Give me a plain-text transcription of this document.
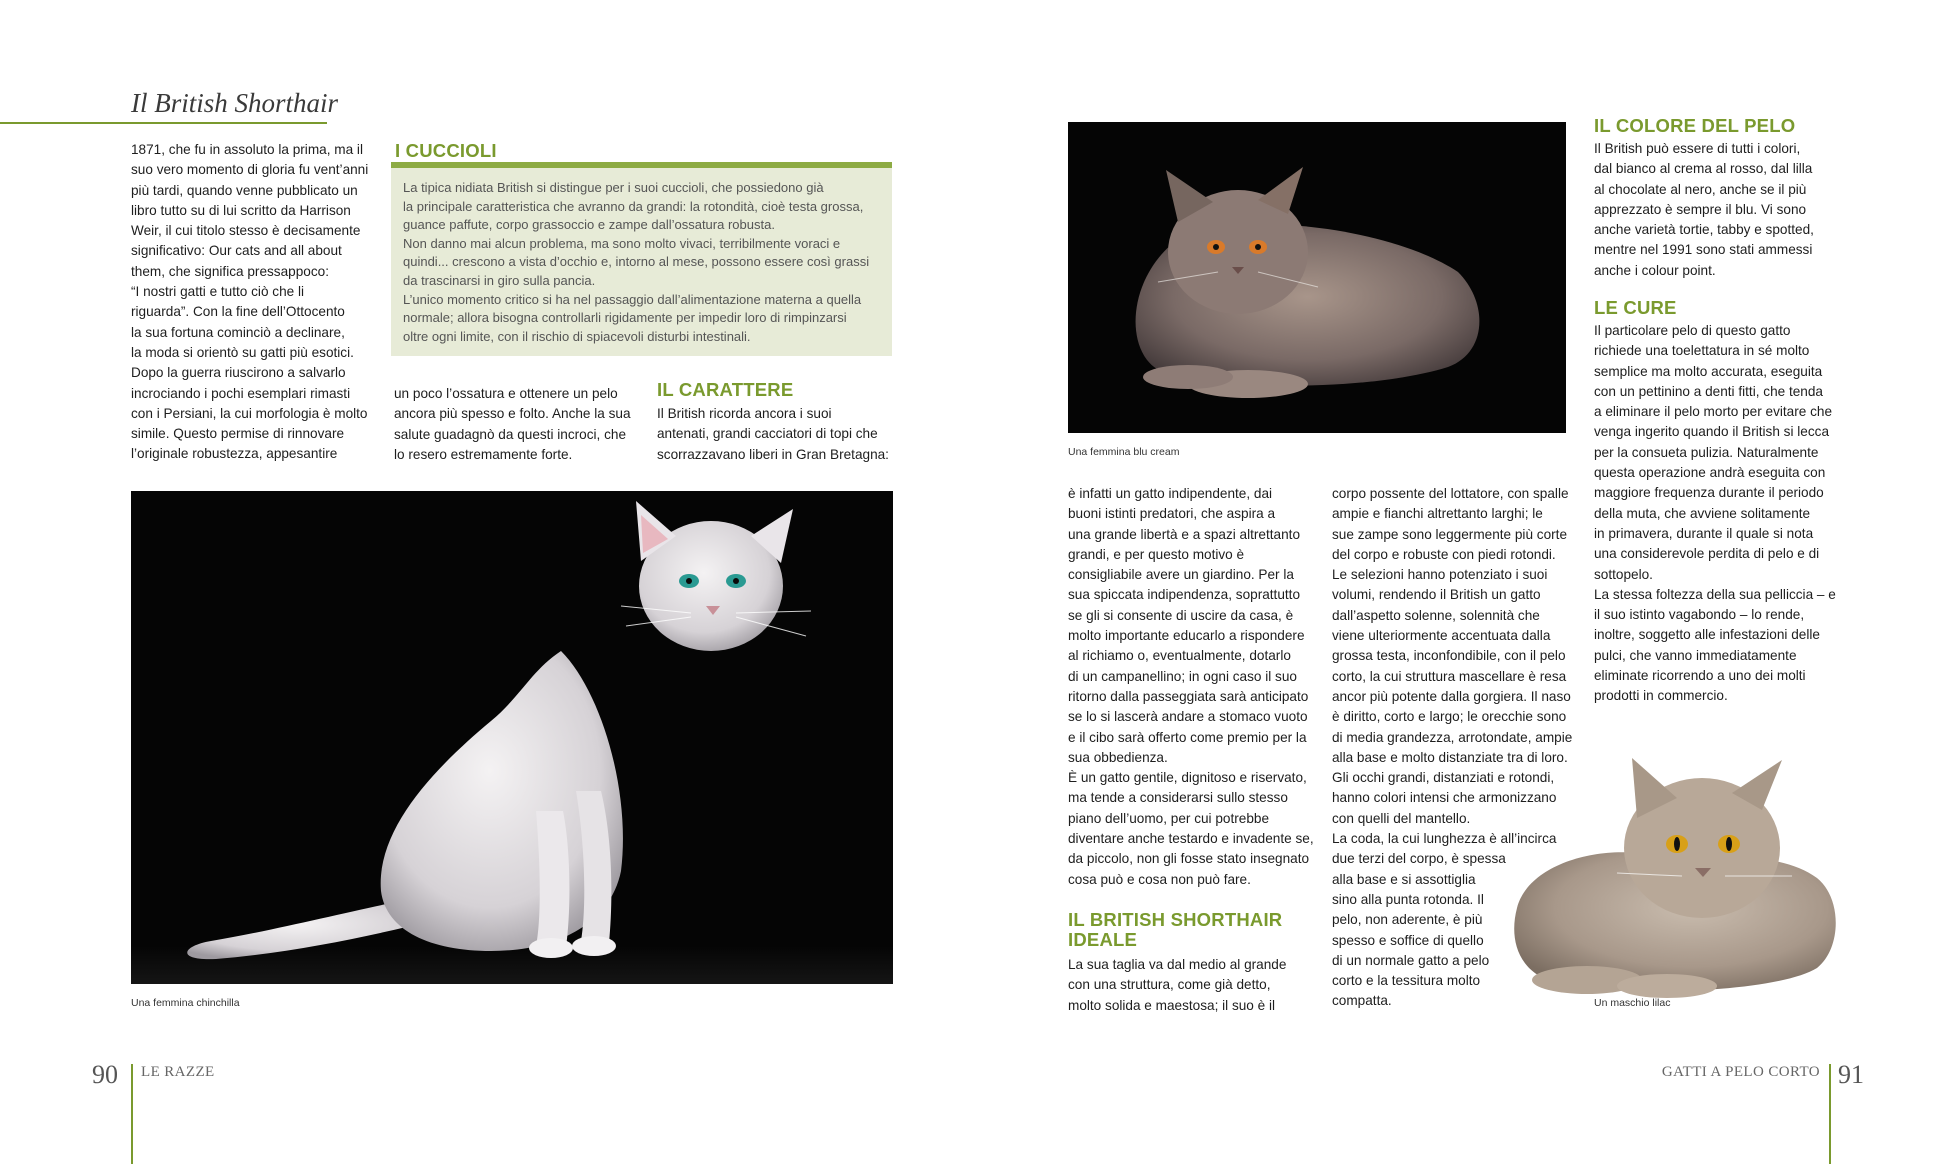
Il British Shorthair

1871, che fu in assoluto la prima, ma il

suo vero momento di gloria fu vent’anni

più tardi, quando venne pubblicato un

libro tutto su di lui scritto da Harrison

Weir, il cui titolo stesso è decisamente

significativo: Our cats and all about

them, che significa pressappoco:

“I nostri gatti e tutto ciò che li

riguarda”. Con la fine dell’Ottocento

la sua fortuna cominciò a declinare,

la moda si orientò su gatti più esotici.

Dopo la guerra riuscirono a salvarlo

incrociando i pochi esemplari rimasti

con i Persiani, la cui morfologia è molto

simile. Questo permise di rinnovare

l’originale robustezza, appesantire

I CUCCIOLI

La tipica nidiata British si distingue per i suoi cuccioli, che possiedono già

la principale caratteristica che avranno da grandi: la rotondità, cioè testa grossa,

guance paffute, corpo grassoccio e zampe dall’ossatura robusta.

Non danno mai alcun problema, ma sono molto vivaci, terribilmente voraci e

quindi... crescono a vista d’occhio e, intorno al mese, possono essere così grassi

da trascinarsi in giro sulla pancia.

L’unico momento critico si ha nel passaggio dall’alimentazione materna a quella

normale; allora bisogna controllarli rigidamente per impedir loro di rimpinzarsi

oltre ogni limite, con il rischio di spiacevoli disturbi intestinali.

un poco l’ossatura e ottenere un pelo

ancora più spesso e folto. Anche la sua

salute guadagnò da questi incroci, che

lo resero estremamente forte.

IL CARATTERE

Il British ricorda ancora i suoi

antenati, grandi cacciatori di topi che

scorrazzavano liberi in Gran Bretagna:

Una femmina chinchilla
90 LE RAZZE
Una femmina blu cream

è infatti un gatto indipendente, dai

buoni istinti predatori, che aspira a

una grande libertà e a spazi altrettanto

grandi, e per questo motivo è

consigliabile avere un giardino. Per la

sua spiccata indipendenza, soprattutto

se gli si consente di uscire da casa, è

molto importante educarlo a rispondere

al richiamo o, eventualmente, dotarlo

di un campanellino; in ogni caso il suo

ritorno dalla passeggiata sarà anticipato

se lo si lascerà andare a stomaco vuoto

e il cibo sarà offerto come premio per la

sua obbedienza.

È un gatto gentile, dignitoso e riservato,

ma tende a considerarsi sullo stesso

piano dell’uomo, per cui potrebbe

diventare anche testardo e invadente se,

da piccolo, non gli fosse stato insegnato

cosa può e cosa non può fare.

IL BRITISH SHORTHAIR
IDEALE

La sua taglia va dal medio al grande

con una struttura, come già detto,

molto solida e maestosa; il suo è il

corpo possente del lottatore, con spalle

ampie e fianchi altrettanto larghi; le

sue zampe sono leggermente più corte

del corpo e robuste con piedi rotondi.

Le selezioni hanno potenziato i suoi

volumi, rendendo il British un gatto

dall’aspetto solenne, solennità che

viene ulteriormente accentuata dalla

grossa testa, inconfondibile, con il pelo

corto, la cui struttura mascellare è resa

ancor più potente dalla gorgiera. Il naso

è diritto, corto e largo; le orecchie sono

di media grandezza, arrotondate, ampie

alla base e molto distanziate tra di loro.

Gli occhi grandi, distanziati e rotondi,

hanno colori intensi che armonizzano

con quelli del mantello.

La coda, la cui lunghezza è all’incirca

due terzi del corpo, è spessa

alla base e si assottiglia

sino alla punta rotonda. Il

pelo, non aderente, è più

spesso e soffice di quello

di un normale gatto a pelo

corto e la tessitura molto

compatta.

IL COLORE DEL PELO

Il British può essere di tutti i colori,

dal bianco al crema al rosso, dal lilla

al chocolate al nero, anche se il più

apprezzato è sempre il blu. Vi sono

anche varietà tortie, tabby e spotted,

mentre nel 1991 sono stati ammessi

anche i colour point.

LE CURE

Il particolare pelo di questo gatto

richiede una toelettatura in sé molto

semplice ma molto accurata, eseguita

con un pettinino a denti fitti, che tenda

a eliminare il pelo morto per evitare che

venga ingerito quando il British si lecca

per la consueta pulizia. Naturalmente

questa operazione andrà eseguita con

maggiore frequenza durante il periodo

della muta, che avviene solitamente

in primavera, durante il quale si nota

una considerevole perdita di pelo e di

sottopelo.

La stessa foltezza della sua pelliccia – e

il suo istinto vagabondo – lo rende,

inoltre, soggetto alle infestazioni delle

pulci, che vanno immediatamente

eliminate ricorrendo a uno dei molti

prodotti in commercio.

Un maschio lilac
GATTI A PELO CORTO 91
